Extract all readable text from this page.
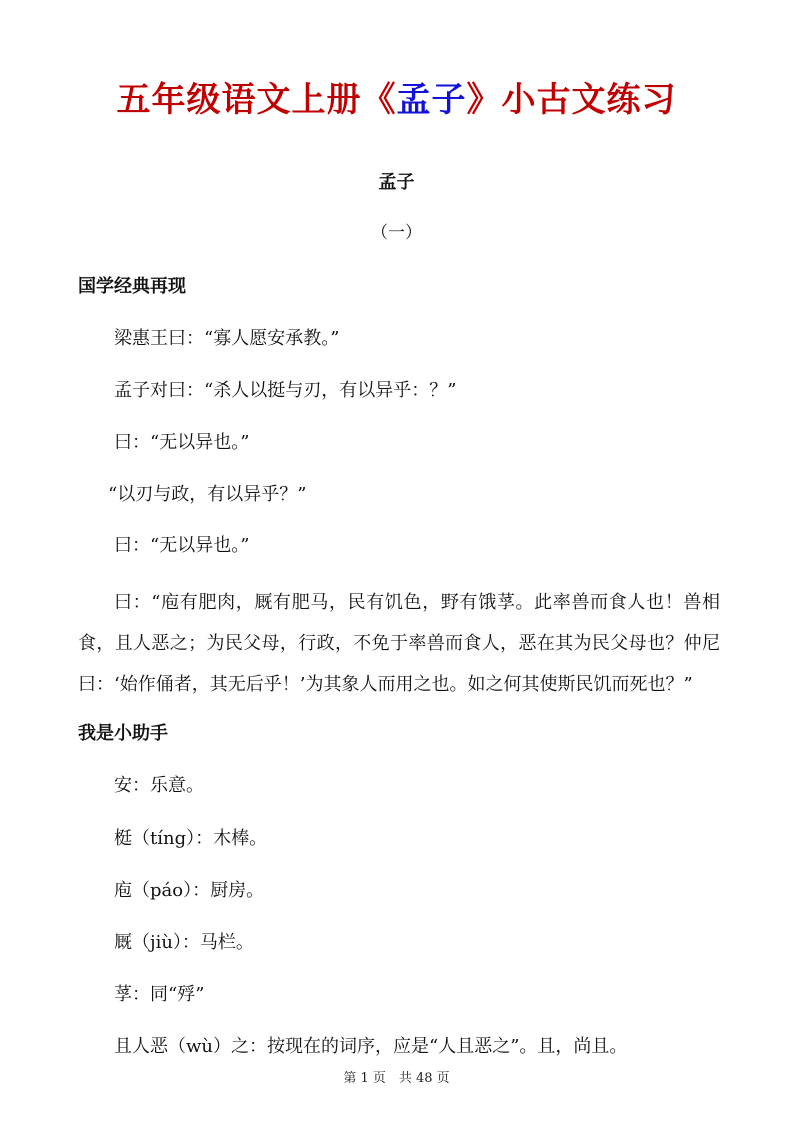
五年级语文上册《孟子》小古文练习
孟子
（一）
国学经典再现
梁惠王曰：“寡人愿安承教。”
孟子对曰：“杀人以挺与刃，有以异乎：？”
曰：“无以异也。”
“以刃与政，有以异乎？”
曰：“无以异也。”
曰：“庖有肥肉，厩有肥马，民有饥色，野有饿莩。此率兽而食人也！兽相食，且人恶之；为民父母，行政，不免于率兽而食人，恶在其为民父母也？仲尼曰：‘始作俑者，其无后乎！’为其象人而用之也。如之何其使斯民饥而死也？”
我是小助手
安：乐意。
梃（tíng）：木棒。
庖（páo）：厨房。
厩（jiù）：马栏。
莩：同“殍”
且人恶（wù）之：按现在的词序，应是“人且恶之”。且，尚且。
第 1 页　共 48 页
